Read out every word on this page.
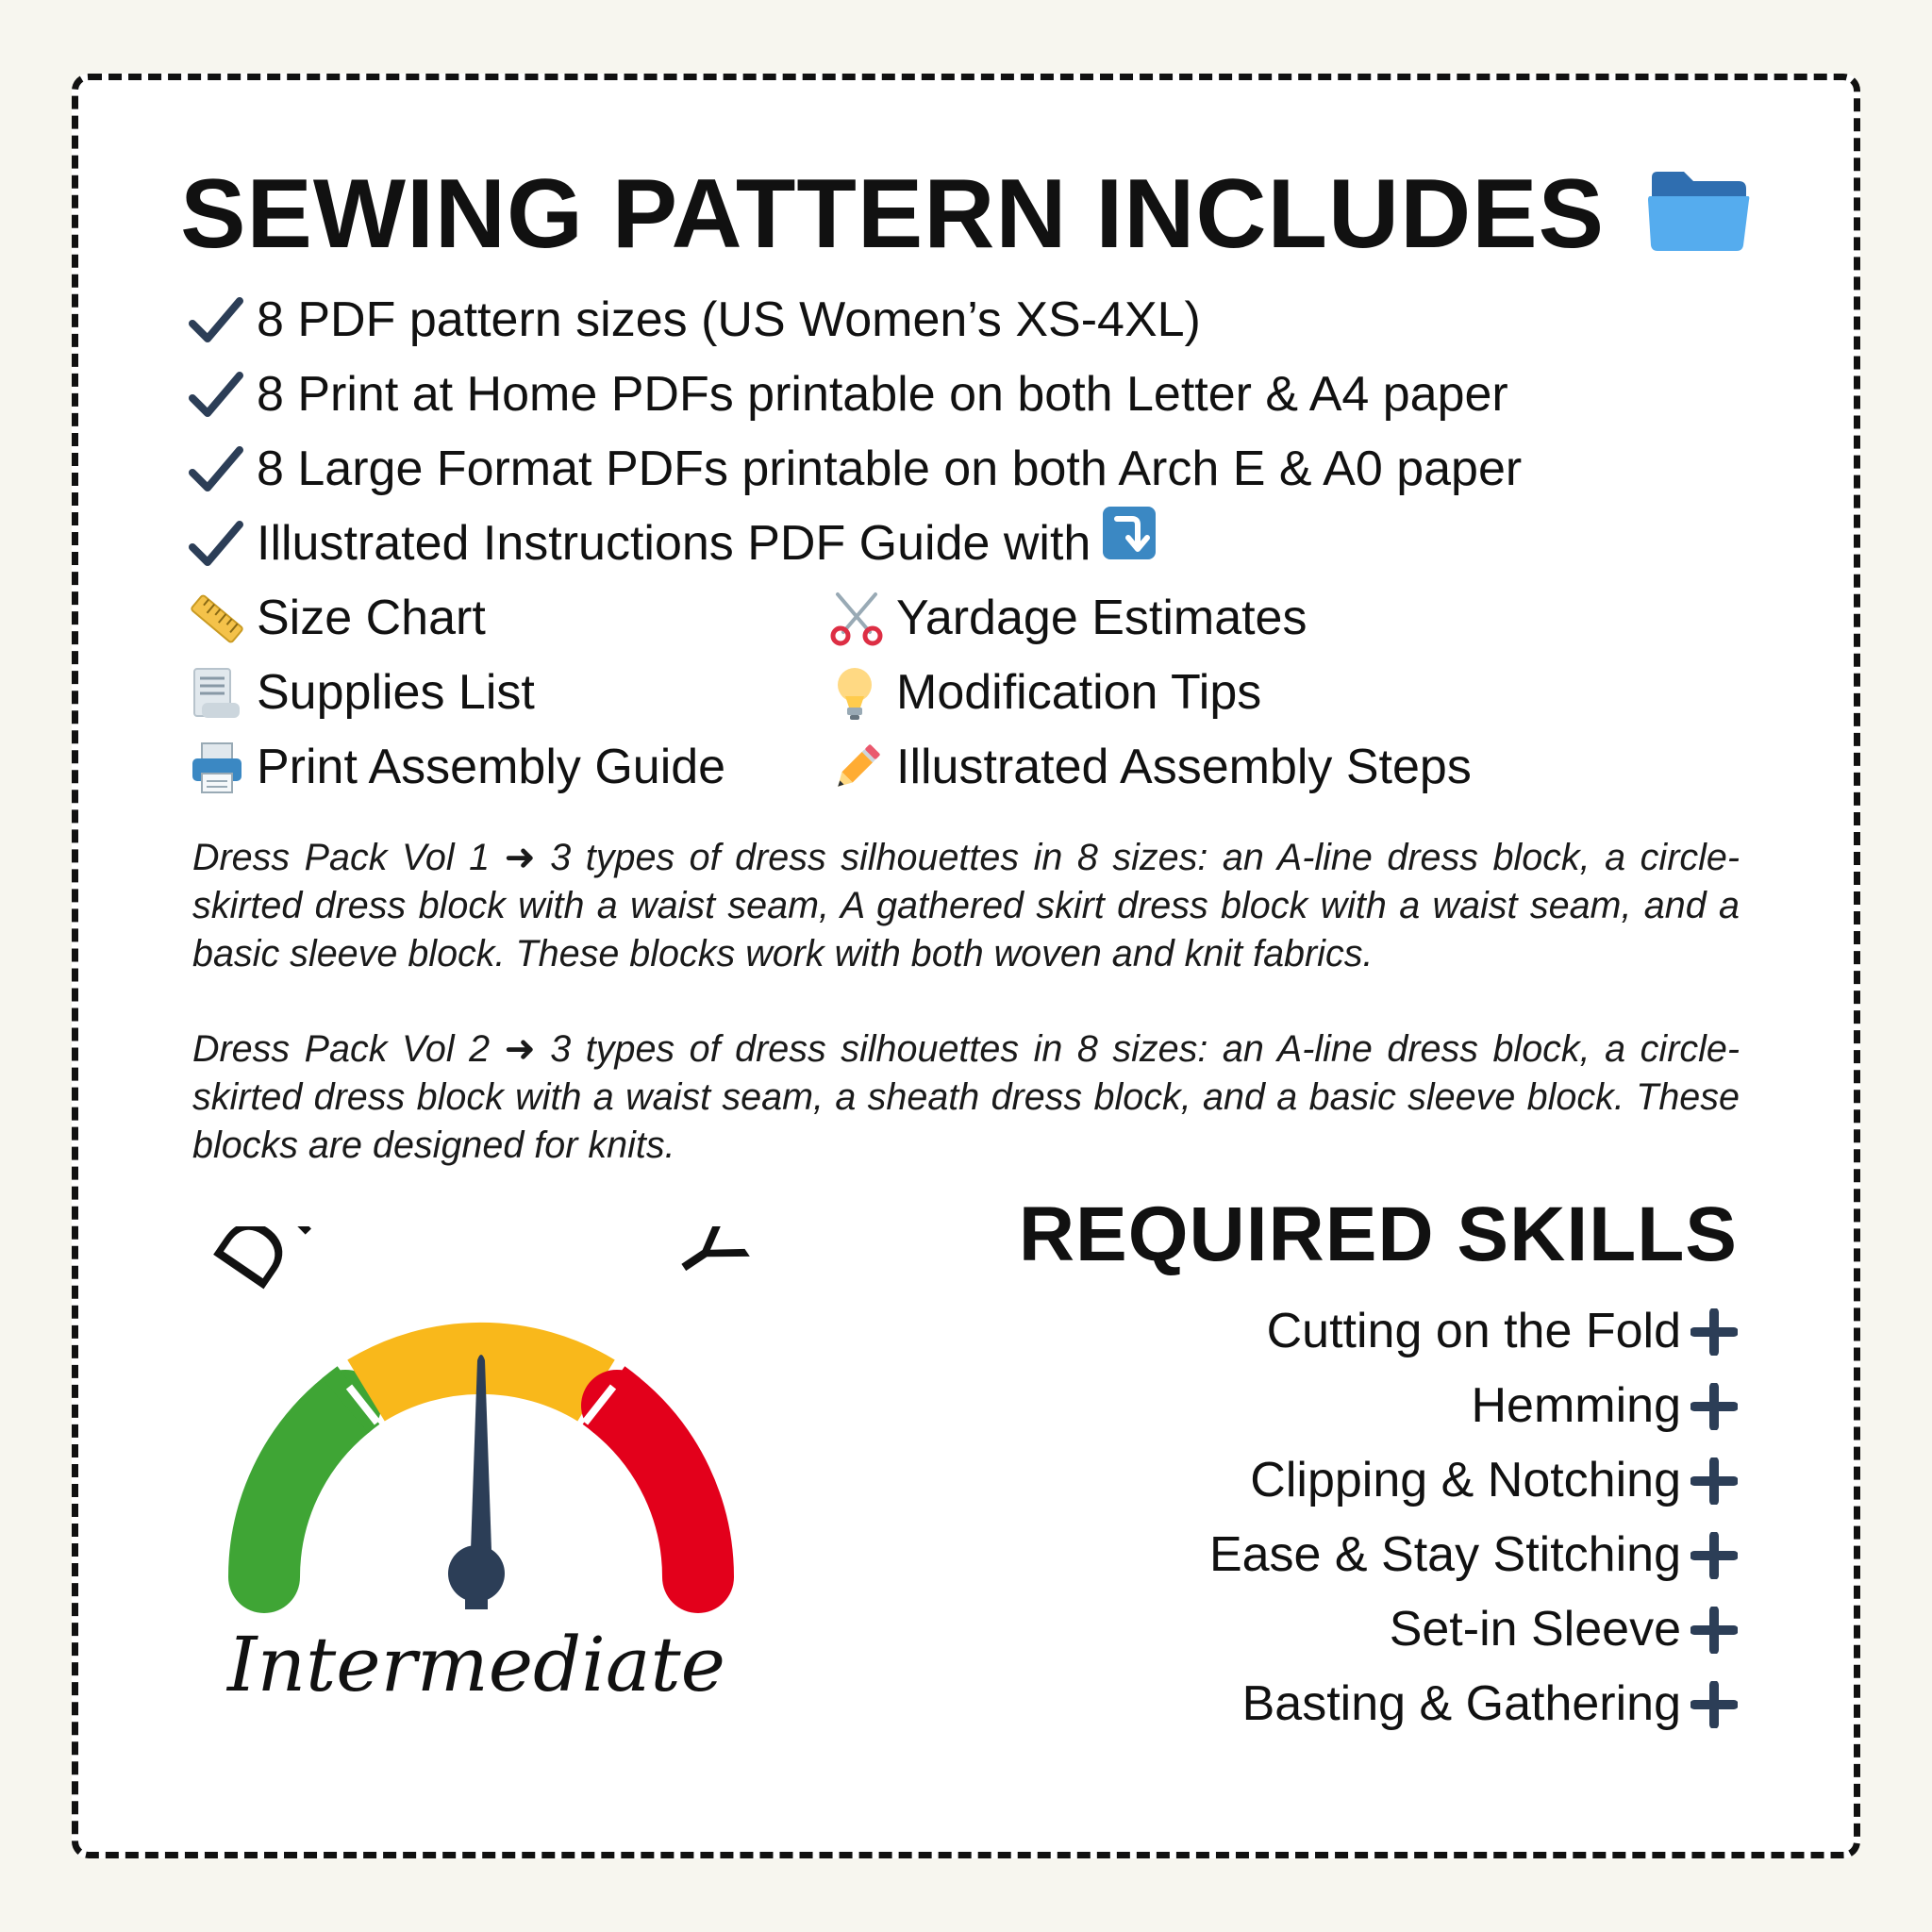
SEWING PATTERN INCLUDES
8 PDF pattern sizes (US Women’s XS-4XL)
8 Print at Home PDFs printable on both Letter & A4 paper
8 Large Format PDFs printable on both Arch E & A0 paper
Illustrated Instructions PDF Guide with
Size Chart	Yardage Estimates
Supplies List	Modification Tips
Print Assembly Guide	Illustrated Assembly Steps

Dress Pack Vol 1 ➜ 3 types of dress silhouettes in 8 sizes: an A-line dress block, a circle-skirted dress block with a waist seam, A gathered skirt dress block with a waist seam, and a basic sleeve block. These blocks work with both woven and knit fabrics.

Dress Pack Vol 2 ➜ 3 types of dress silhouettes in 8 sizes: an A-line dress block, a circle-skirted dress block with a waist seam, a sheath dress block, and a basic sleeve block. These blocks are designed for knits.

D Y
Intermediate
REQUIRED SKILLS
Cutting on the Fold
Hemming
Clipping & Notching
Ease & Stay Stitching
Set-in Sleeve
Basting & Gathering
